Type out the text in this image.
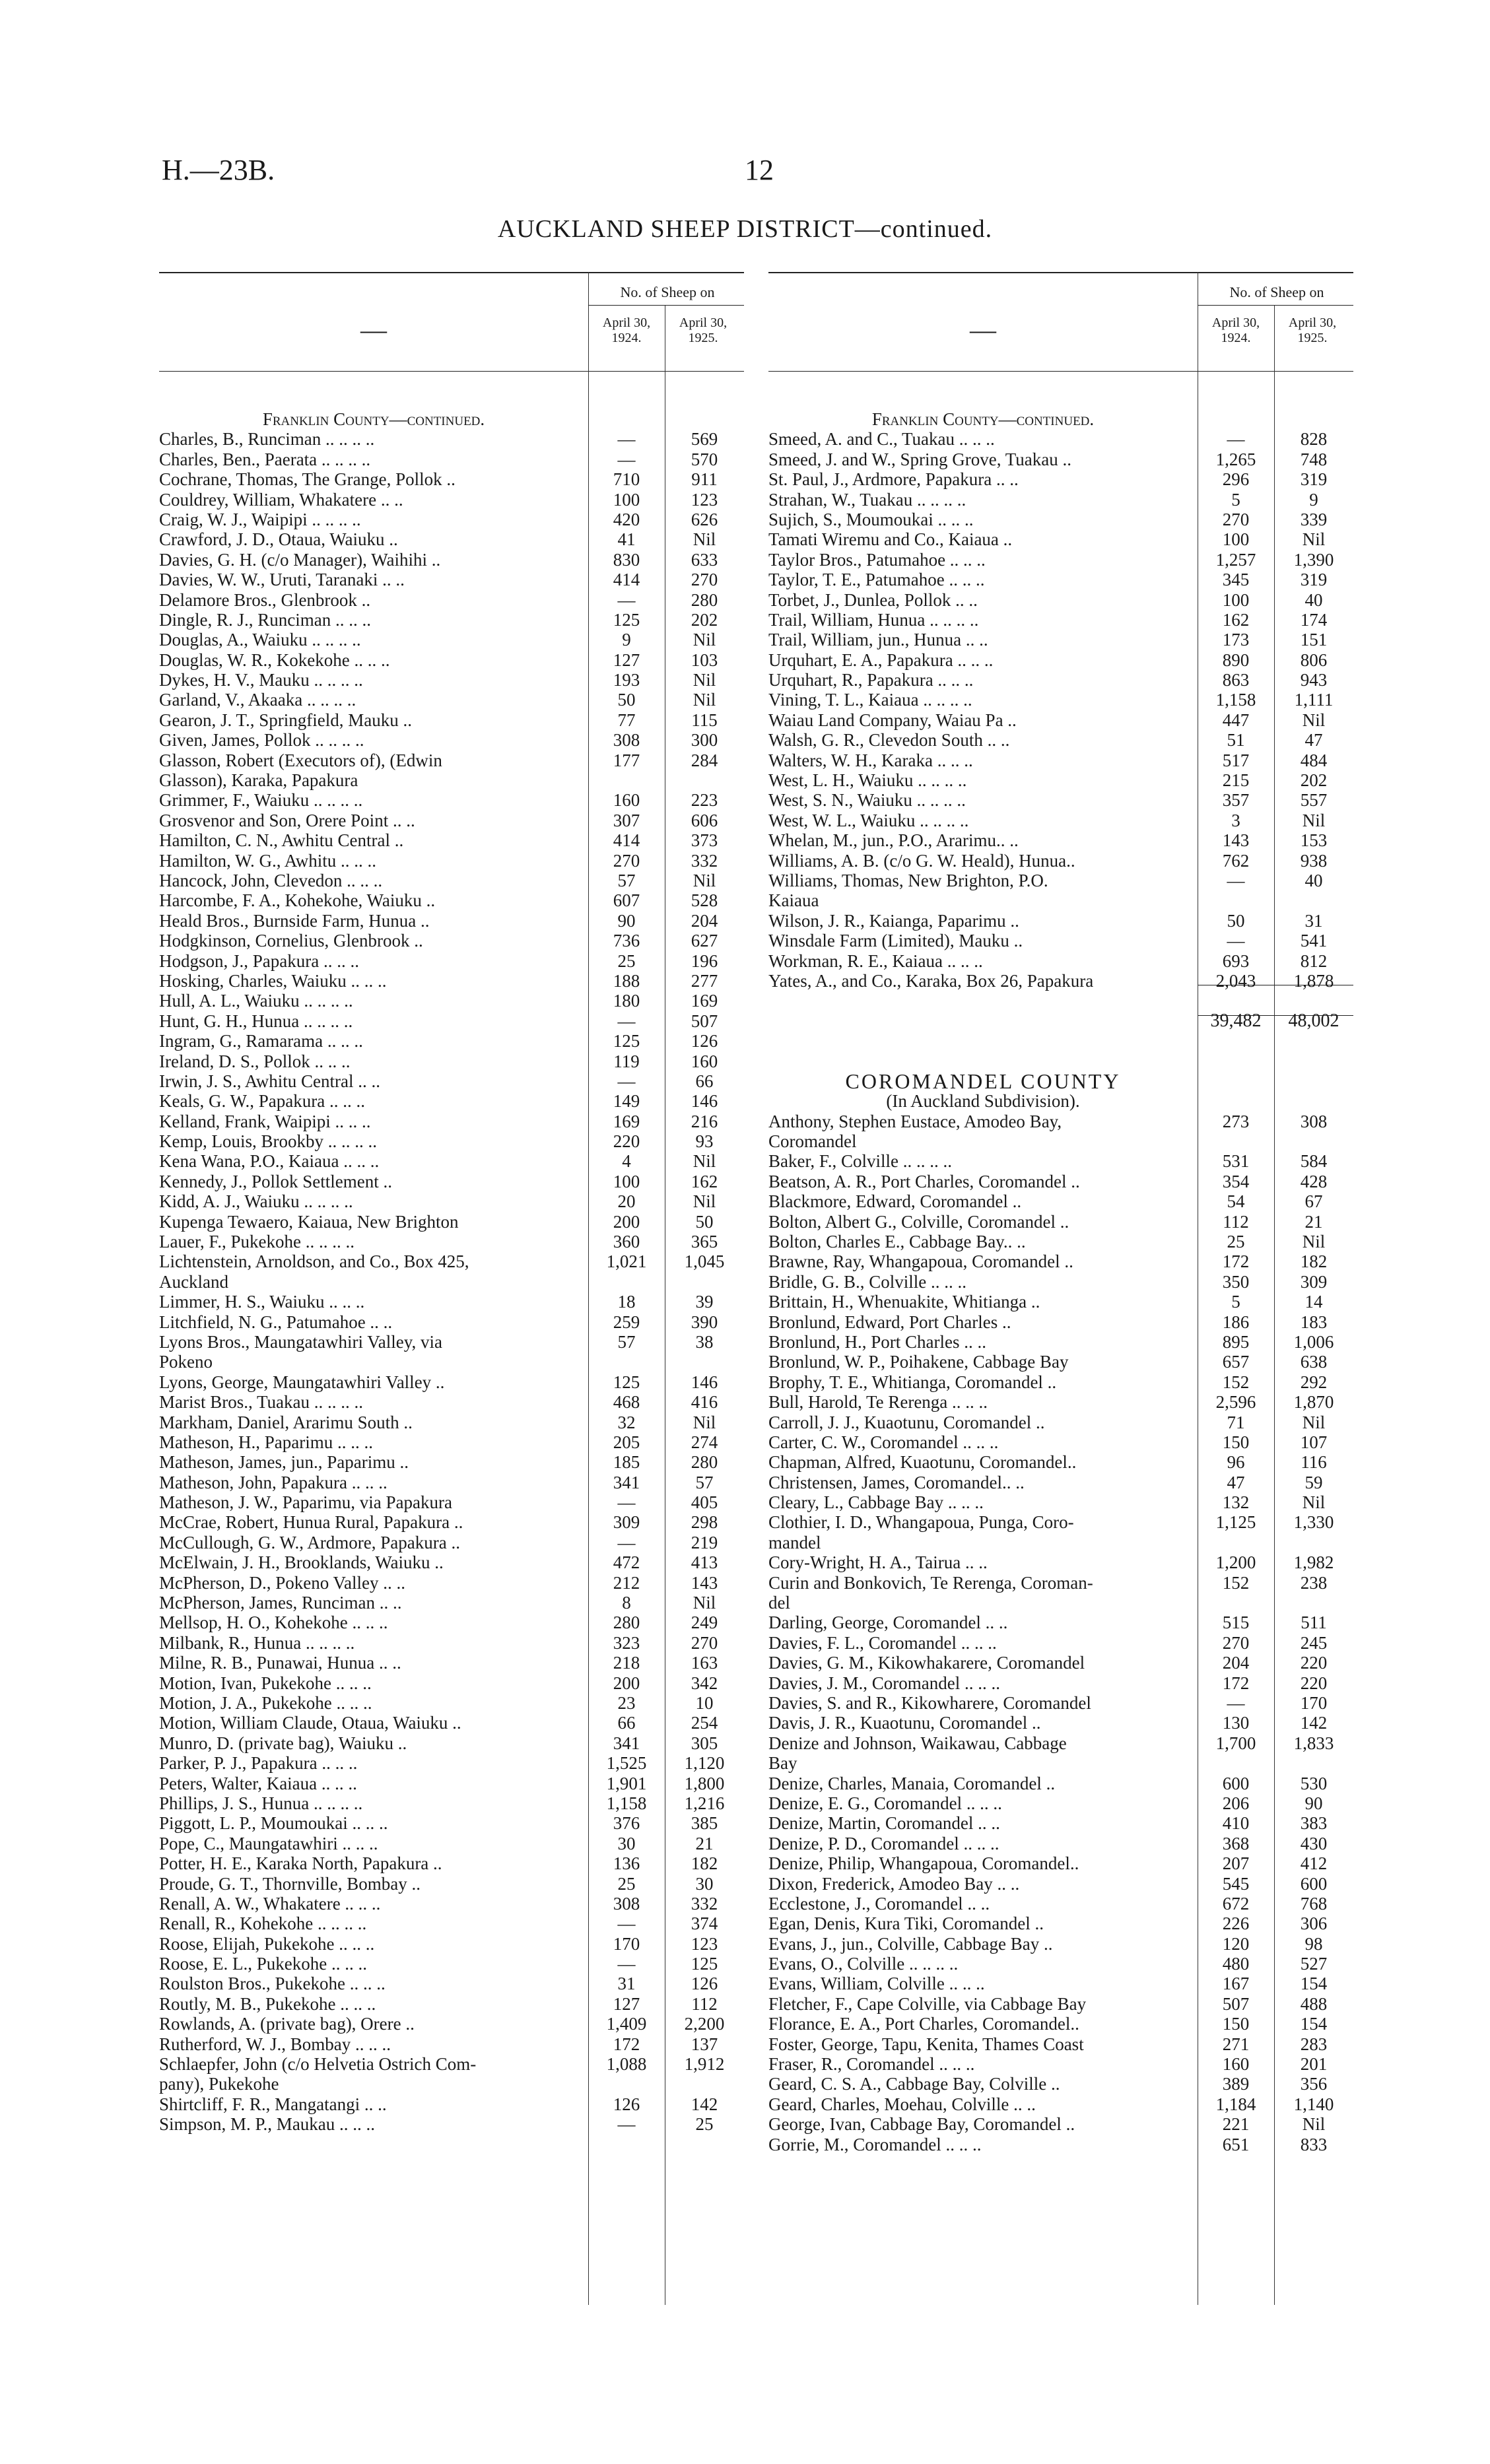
H.—23B.	12
AUCKLAND SHEEP DISTRICT—continued.
—
No. of Sheep on
April 30, 1924.
April 30, 1925.
Franklin County—continued.
Charles, B., Runciman .. .. .. ..	—	569
Charles, Ben., Paerata .. .. .. ..	—	570
Cochrane, Thomas, The Grange, Pollok ..	710	911
Couldrey, William, Whakatere .. ..	100	123
Craig, W. J., Waipipi .. .. .. ..	420	626
Crawford, J. D., Otaua, Waiuku ..	41	Nil
Davies, G. H. (c/o Manager), Waihihi ..	830	633
Davies, W. W., Uruti, Taranaki .. ..	414	270
Delamore Bros., Glenbrook ..	—	280
Dingle, R. J., Runciman .. .. ..	125	202
Douglas, A., Waiuku .. .. .. ..	9	Nil
Douglas, W. R., Kokekohe .. .. ..	127	103
Dykes, H. V., Mauku .. .. .. ..	193	Nil
Garland, V., Akaaka .. .. .. ..	50	Nil
Gearon, J. T., Springfield, Mauku ..	77	115
Given, James, Pollok .. .. .. ..	308	300
Glasson, Robert (Executors of), (Edwin	177	284
Glasson), Karaka, Papakura
Grimmer, F., Waiuku .. .. .. ..	160	223
Grosvenor and Son, Orere Point .. ..	307	606
Hamilton, C. N., Awhitu Central ..	414	373
Hamilton, W. G., Awhitu .. .. ..	270	332
Hancock, John, Clevedon .. .. ..	57	Nil
Harcombe, F. A., Kohekohe, Waiuku ..	607	528
Heald Bros., Burnside Farm, Hunua ..	90	204
Hodgkinson, Cornelius, Glenbrook ..	736	627
Hodgson, J., Papakura .. .. ..	25	196
Hosking, Charles, Waiuku .. .. ..	188	277
Hull, A. L., Waiuku .. .. .. ..	180	169
Hunt, G. H., Hunua .. .. .. ..	—	507
Ingram, G., Ramarama .. .. ..	125	126
Ireland, D. S., Pollok .. .. ..	119	160
Irwin, J. S., Awhitu Central .. ..	—	66
Keals, G. W., Papakura .. .. ..	149	146
Kelland, Frank, Waipipi .. .. ..	169	216
Kemp, Louis, Brookby .. .. .. ..	220	93
Kena Wana, P.O., Kaiaua .. .. ..	4	Nil
Kennedy, J., Pollok Settlement ..	100	162
Kidd, A. J., Waiuku .. .. .. ..	20	Nil
Kupenga Tewaero, Kaiaua, New Brighton	200	50
Lauer, F., Pukekohe .. .. .. ..	360	365
Lichtenstein, Arnoldson, and Co., Box 425,	1,021	1,045
Auckland
Limmer, H. S., Waiuku .. .. ..	18	39
Litchfield, N. G., Patumahoe .. ..	259	390
Lyons Bros., Maungatawhiri Valley, via	57	38
Pokeno
Lyons, George, Maungatawhiri Valley ..	125	146
Marist Bros., Tuakau .. .. .. ..	468	416
Markham, Daniel, Ararimu South ..	32	Nil
Matheson, H., Paparimu .. .. ..	205	274
Matheson, James, jun., Paparimu ..	185	280
Matheson, John, Papakura .. .. ..	341	57
Matheson, J. W., Paparimu, via Papakura	—	405
McCrae, Robert, Hunua Rural, Papakura ..	309	298
McCullough, G. W., Ardmore, Papakura ..	—	219
McElwain, J. H., Brooklands, Waiuku ..	472	413
McPherson, D., Pokeno Valley .. ..	212	143
McPherson, James, Runciman .. ..	8	Nil
Mellsop, H. O., Kohekohe .. .. ..	280	249
Milbank, R., Hunua .. .. .. ..	323	270
Milne, R. B., Punawai, Hunua .. ..	218	163
Motion, Ivan, Pukekohe .. .. ..	200	342
Motion, J. A., Pukekohe .. .. ..	23	10
Motion, William Claude, Otaua, Waiuku ..	66	254
Munro, D. (private bag), Waiuku ..	341	305
Parker, P. J., Papakura .. .. ..	1,525	1,120
Peters, Walter, Kaiaua .. .. ..	1,901	1,800
Phillips, J. S., Hunua .. .. .. ..	1,158	1,216
Piggott, L. P., Moumoukai .. .. ..	376	385
Pope, C., Maungatawhiri .. .. ..	30	21
Potter, H. E., Karaka North, Papakura ..	136	182
Proude, G. T., Thornville, Bombay ..	25	30
Renall, A. W., Whakatere .. .. ..	308	332
Renall, R., Kohekohe .. .. .. ..	—	374
Roose, Elijah, Pukekohe .. .. ..	170	123
Roose, E. L., Pukekohe .. .. ..	—	125
Roulston Bros., Pukekohe .. .. ..	31	126
Routly, M. B., Pukekohe .. .. ..	127	112
Rowlands, A. (private bag), Orere ..	1,409	2,200
Rutherford, W. J., Bombay .. .. ..	172	137
Schlaepfer, John (c/o Helvetia Ostrich Com-	1,088	1,912
pany), Pukekohe
Shirtcliff, F. R., Mangatangi .. ..	126	142
Simpson, M. P., Maukau .. .. ..	—	25
—
No. of Sheep on
April 30, 1924.
April 30, 1925.
Franklin County—continued.
Smeed, A. and C., Tuakau .. .. ..	—	828
Smeed, J. and W., Spring Grove, Tuakau ..	1,265	748
St. Paul, J., Ardmore, Papakura .. ..	296	319
Strahan, W., Tuakau .. .. .. ..	5	9
Sujich, S., Moumoukai .. .. ..	270	339
Tamati Wiremu and Co., Kaiaua ..	100	Nil
Taylor Bros., Patumahoe .. .. ..	1,257	1,390
Taylor, T. E., Patumahoe .. .. ..	345	319
Torbet, J., Dunlea, Pollok .. ..	100	40
Trail, William, Hunua .. .. .. ..	162	174
Trail, William, jun., Hunua .. ..	173	151
Urquhart, E. A., Papakura .. .. ..	890	806
Urquhart, R., Papakura .. .. ..	863	943
Vining, T. L., Kaiaua .. .. .. ..	1,158	1,111
Waiau Land Company, Waiau Pa ..	447	Nil
Walsh, G. R., Clevedon South .. ..	51	47
Walters, W. H., Karaka .. .. ..	517	484
West, L. H., Waiuku .. .. .. ..	215	202
West, S. N., Waiuku .. .. .. ..	357	557
West, W. L., Waiuku .. .. .. ..	3	Nil
Whelan, M., jun., P.O., Ararimu.. ..	143	153
Williams, A. B. (c/o G. W. Heald), Hunua..	762	938
Williams, Thomas, New Brighton, P.O.	—	40
Kaiaua
Wilson, J. R., Kaianga, Paparimu ..	50	31
Winsdale Farm (Limited), Mauku ..	—	541
Workman, R. E., Kaiaua .. .. ..	693	812
Yates, A., and Co., Karaka, Box 26, Papakura	2,043	1,878
39,482	48,002
COROMANDEL COUNTY
(In Auckland Subdivision).
Anthony, Stephen Eustace, Amodeo Bay,	273	308
Coromandel
Baker, F., Colville .. .. .. ..	531	584
Beatson, A. R., Port Charles, Coromandel ..	354	428
Blackmore, Edward, Coromandel ..	54	67
Bolton, Albert G., Colville, Coromandel ..	112	21
Bolton, Charles E., Cabbage Bay.. ..	25	Nil
Brawne, Ray, Whangapoua, Coromandel ..	172	182
Bridle, G. B., Colville .. .. ..	350	309
Brittain, H., Whenuakite, Whitianga ..	5	14
Bronlund, Edward, Port Charles ..	186	183
Bronlund, H., Port Charles .. ..	895	1,006
Bronlund, W. P., Poihakene, Cabbage Bay	657	638
Brophy, T. E., Whitianga, Coromandel ..	152	292
Bull, Harold, Te Rerenga .. .. ..	2,596	1,870
Carroll, J. J., Kuaotunu, Coromandel ..	71	Nil
Carter, C. W., Coromandel .. .. ..	150	107
Chapman, Alfred, Kuaotunu, Coromandel..	96	116
Christensen, James, Coromandel.. ..	47	59
Cleary, L., Cabbage Bay .. .. ..	132	Nil
Clothier, I. D., Whangapoua, Punga, Coro-	1,125	1,330
mandel
Cory-Wright, H. A., Tairua .. ..	1,200	1,982
Curin and Bonkovich, Te Rerenga, Coroman-	152	238
del
Darling, George, Coromandel .. ..	515	511
Davies, F. L., Coromandel .. .. ..	270	245
Davies, G. M., Kikowhakarere, Coromandel	204	220
Davies, J. M., Coromandel .. .. ..	172	220
Davies, S. and R., Kikowharere, Coromandel	—	170
Davis, J. R., Kuaotunu, Coromandel ..	130	142
Denize and Johnson, Waikawau, Cabbage	1,700	1,833
Bay
Denize, Charles, Manaia, Coromandel ..	600	530
Denize, E. G., Coromandel .. .. ..	206	90
Denize, Martin, Coromandel .. ..	410	383
Denize, P. D., Coromandel .. .. ..	368	430
Denize, Philip, Whangapoua, Coromandel..	207	412
Dixon, Frederick, Amodeo Bay .. ..	545	600
Ecclestone, J., Coromandel .. ..	672	768
Egan, Denis, Kura Tiki, Coromandel ..	226	306
Evans, J., jun., Colville, Cabbage Bay ..	120	98
Evans, O., Colville .. .. .. ..	480	527
Evans, William, Colville .. .. ..	167	154
Fletcher, F., Cape Colville, via Cabbage Bay	507	488
Florance, E. A., Port Charles, Coromandel..	150	154
Foster, George, Tapu, Kenita, Thames Coast	271	283
Fraser, R., Coromandel .. .. ..	160	201
Geard, C. S. A., Cabbage Bay, Colville ..	389	356
Geard, Charles, Moehau, Colville .. ..	1,184	1,140
George, Ivan, Cabbage Bay, Coromandel ..	221	Nil
Gorrie, M., Coromandel .. .. ..	651	833
